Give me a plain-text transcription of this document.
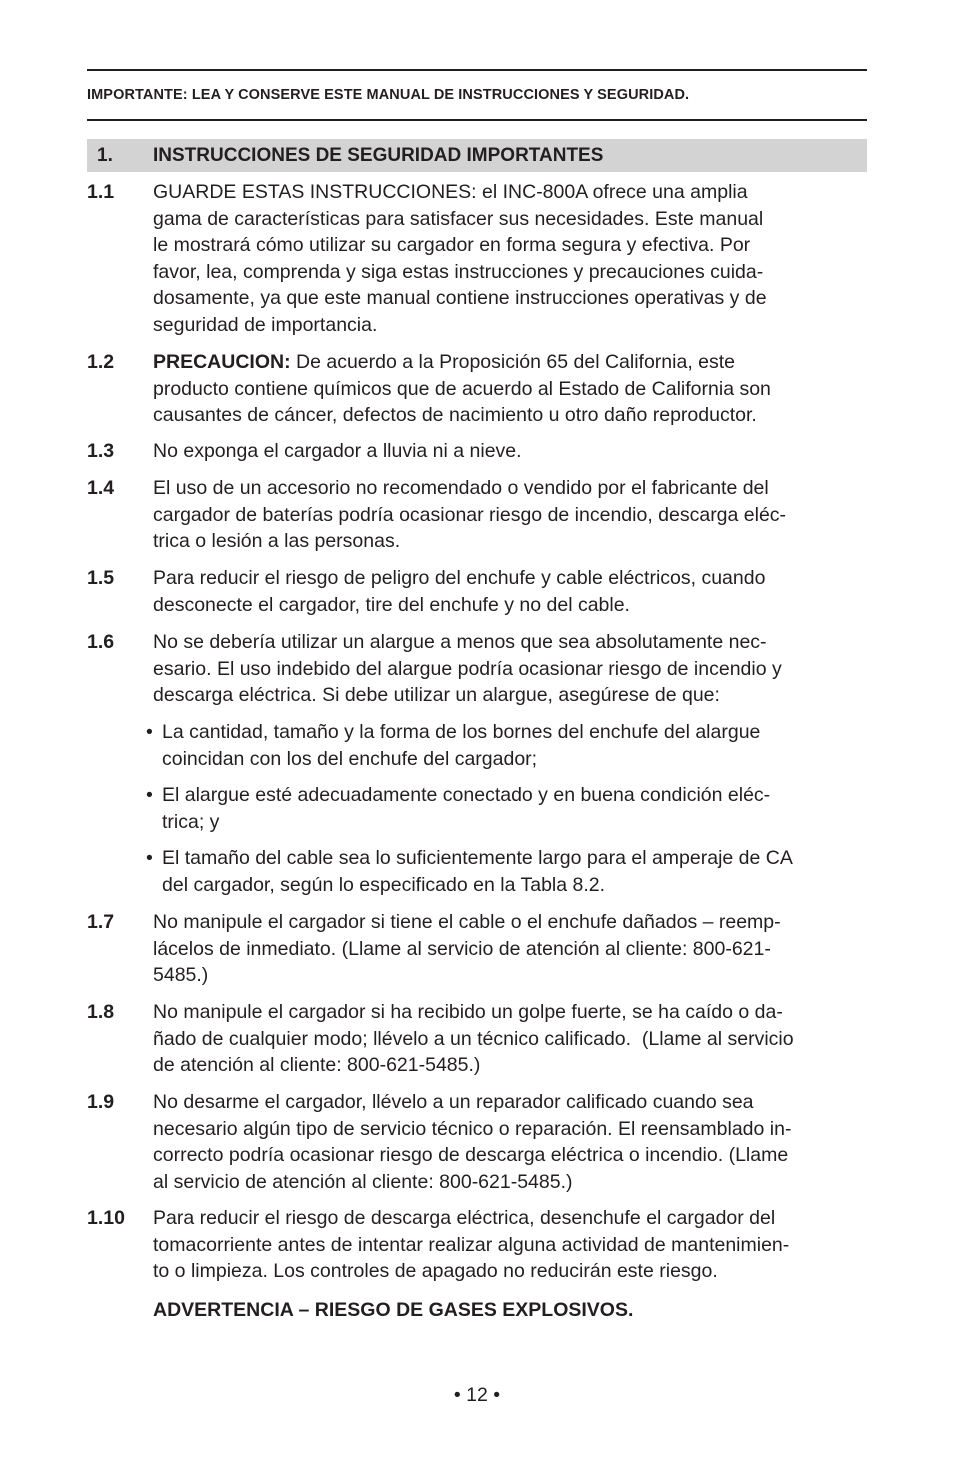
IMPORTANTE: LEA Y CONSERVE ESTE MANUAL DE INSTRUCCIONES Y SEGURIDAD.
1. INSTRUCCIONES DE SEGURIDAD IMPORTANTES
1.1 GUARDE ESTAS INSTRUCCIONES: el INC-800A ofrece una amplia
gama de características para satisfacer sus necesidades. Este manual
le mostrará cómo utilizar su cargador en forma segura y efectiva. Por
favor, lea, comprenda y siga estas instrucciones y precauciones cuida-
dosamente, ya que este manual contiene instrucciones operativas y de
seguridad de importancia.
1.2 PRECAUCION: De acuerdo a la Proposición 65 del California, este
producto contiene químicos que de acuerdo al Estado de California son
causantes de cáncer, defectos de nacimiento u otro daño reproductor.
1.3 No exponga el cargador a lluvia ni a nieve.
1.4 El uso de un accesorio no recomendado o vendido por el fabricante del
cargador de baterías podría ocasionar riesgo de incendio, descarga eléc-
trica o lesión a las personas.
1.5 Para reducir el riesgo de peligro del enchufe y cable eléctricos, cuando
desconecte el cargador, tire del enchufe y no del cable.
1.6 No se debería utilizar un alargue a menos que sea absolutamente nec-
esario. El uso indebido del alargue podría ocasionar riesgo de incendio y
descarga eléctrica. Si debe utilizar un alargue, asegúrese de que:
• La cantidad, tamaño y la forma de los bornes del enchufe del alargue
coincidan con los del enchufe del cargador;
• El alargue esté adecuadamente conectado y en buena condición eléc-
trica; y
• El tamaño del cable sea lo suficientemente largo para el amperaje de CA
del cargador, según lo especificado en la Tabla 8.2.
1.7 No manipule el cargador si tiene el cable o el enchufe dañados – reemp-
lácelos de inmediato. (Llame al servicio de atención al cliente: 800-621-
5485.)
1.8 No manipule el cargador si ha recibido un golpe fuerte, se ha caído o da-
ñado de cualquier modo; llévelo a un técnico calificado.  (Llame al servicio
de atención al cliente: 800-621-5485.)
1.9 No desarme el cargador, llévelo a un reparador calificado cuando sea
necesario algún tipo de servicio técnico o reparación. El reensamblado in-
correcto podría ocasionar riesgo de descarga eléctrica o incendio. (Llame
al servicio de atención al cliente: 800-621-5485.)
1.10 Para reducir el riesgo de descarga eléctrica, desenchufe el cargador del
tomacorriente antes de intentar realizar alguna actividad de mantenimien-
to o limpieza. Los controles de apagado no reducirán este riesgo.
ADVERTENCIA – RIESGO DE GASES EXPLOSIVOS.
• 12 •
